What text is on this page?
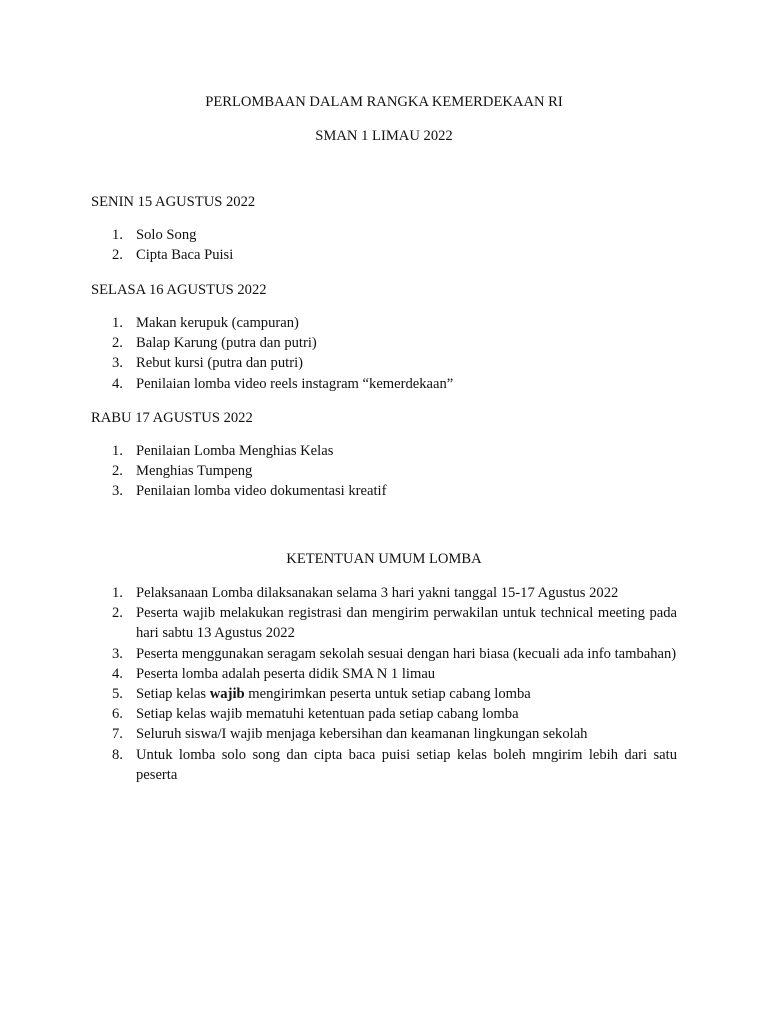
PERLOMBAAN DALAM RANGKA KEMERDEKAAN RI
SMAN 1 LIMAU 2022
SENIN 15 AGUSTUS 2022
1. Solo Song
2. Cipta Baca Puisi
SELASA 16 AGUSTUS 2022
1. Makan kerupuk (campuran)
2. Balap Karung (putra dan putri)
3. Rebut kursi (putra dan putri)
4. Penilaian lomba video reels instagram “kemerdekaan”
RABU 17 AGUSTUS 2022
1. Penilaian Lomba Menghias Kelas
2. Menghias Tumpeng
3. Penilaian lomba video dokumentasi kreatif
KETENTUAN UMUM LOMBA
1. Pelaksanaan Lomba dilaksanakan selama 3 hari yakni tanggal 15-17 Agustus 2022
2. Peserta wajib melakukan registrasi dan mengirim perwakilan untuk technical meeting pada hari sabtu 13 Agustus 2022
3. Peserta menggunakan seragam sekolah sesuai dengan hari biasa (kecuali ada info tambahan)
4. Peserta lomba adalah peserta didik SMA N 1 limau
5. Setiap kelas wajib mengirimkan peserta untuk setiap cabang lomba
6. Setiap kelas wajib mematuhi ketentuan pada setiap cabang lomba
7. Seluruh siswa/I wajib menjaga kebersihan dan keamanan lingkungan sekolah
8. Untuk lomba solo song dan cipta baca puisi setiap kelas boleh mngirim lebih dari satu peserta
